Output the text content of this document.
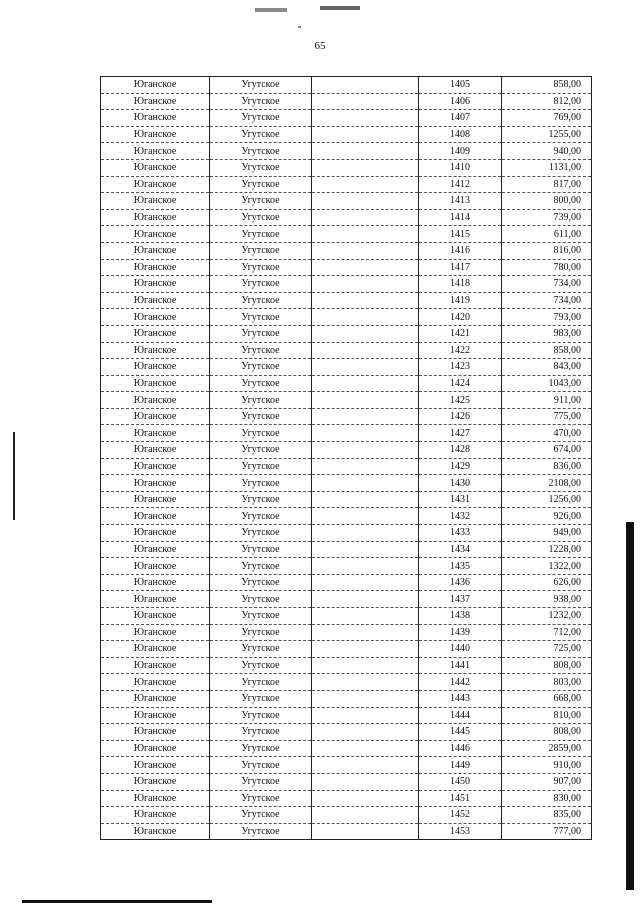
65
Юганское	Угутское		1405	858,00
Юганское	Угутское		1406	812,00
Юганское	Угутское		1407	769,00
Юганское	Угутское		1408	1255,00
Юганское	Угутское		1409	940,00
Юганское	Угутское		1410	1131,00
Юганское	Угутское		1412	817,00
Юганское	Угутское		1413	800,00
Юганское	Угутское		1414	739,00
Юганское	Угутское		1415	611,00
Юганское	Угутское		1416	816,00
Юганское	Угутское		1417	780,00
Юганское	Угутское		1418	734,00
Юганское	Угутское		1419	734,00
Юганское	Угутское		1420	793,00
Юганское	Угутское		1421	983,00
Юганское	Угутское		1422	858,00
Юганское	Угутское		1423	843,00
Юганское	Угутское		1424	1043,00
Юганское	Угутское		1425	911,00
Юганское	Угутское		1426	775,00
Юганское	Угутское		1427	470,00
Юганское	Угутское		1428	674,00
Юганское	Угутское		1429	836,00
Юганское	Угутское		1430	2108,00
Юганское	Угутское		1431	1256,00
Юганское	Угутское		1432	926,00
Юганское	Угутское		1433	949,00
Юганское	Угутское		1434	1228,00
Юганское	Угутское		1435	1322,00
Юганское	Угутское		1436	626,00
Юганское	Угутское		1437	938,00
Юганское	Угутское		1438	1232,00
Юганское	Угутское		1439	712,00
Юганское	Угутское		1440	725,00
Юганское	Угутское		1441	808,00
Юганское	Угутское		1442	803,00
Юганское	Угутское		1443	668,00
Юганское	Угутское		1444	810,00
Юганское	Угутское		1445	808,00
Юганское	Угутское		1446	2859,00
Юганское	Угутское		1449	910,00
Юганское	Угутское		1450	907,00
Юганское	Угутское		1451	830,00
Юганское	Угутское		1452	835,00
Юганское	Угутское		1453	777,00
